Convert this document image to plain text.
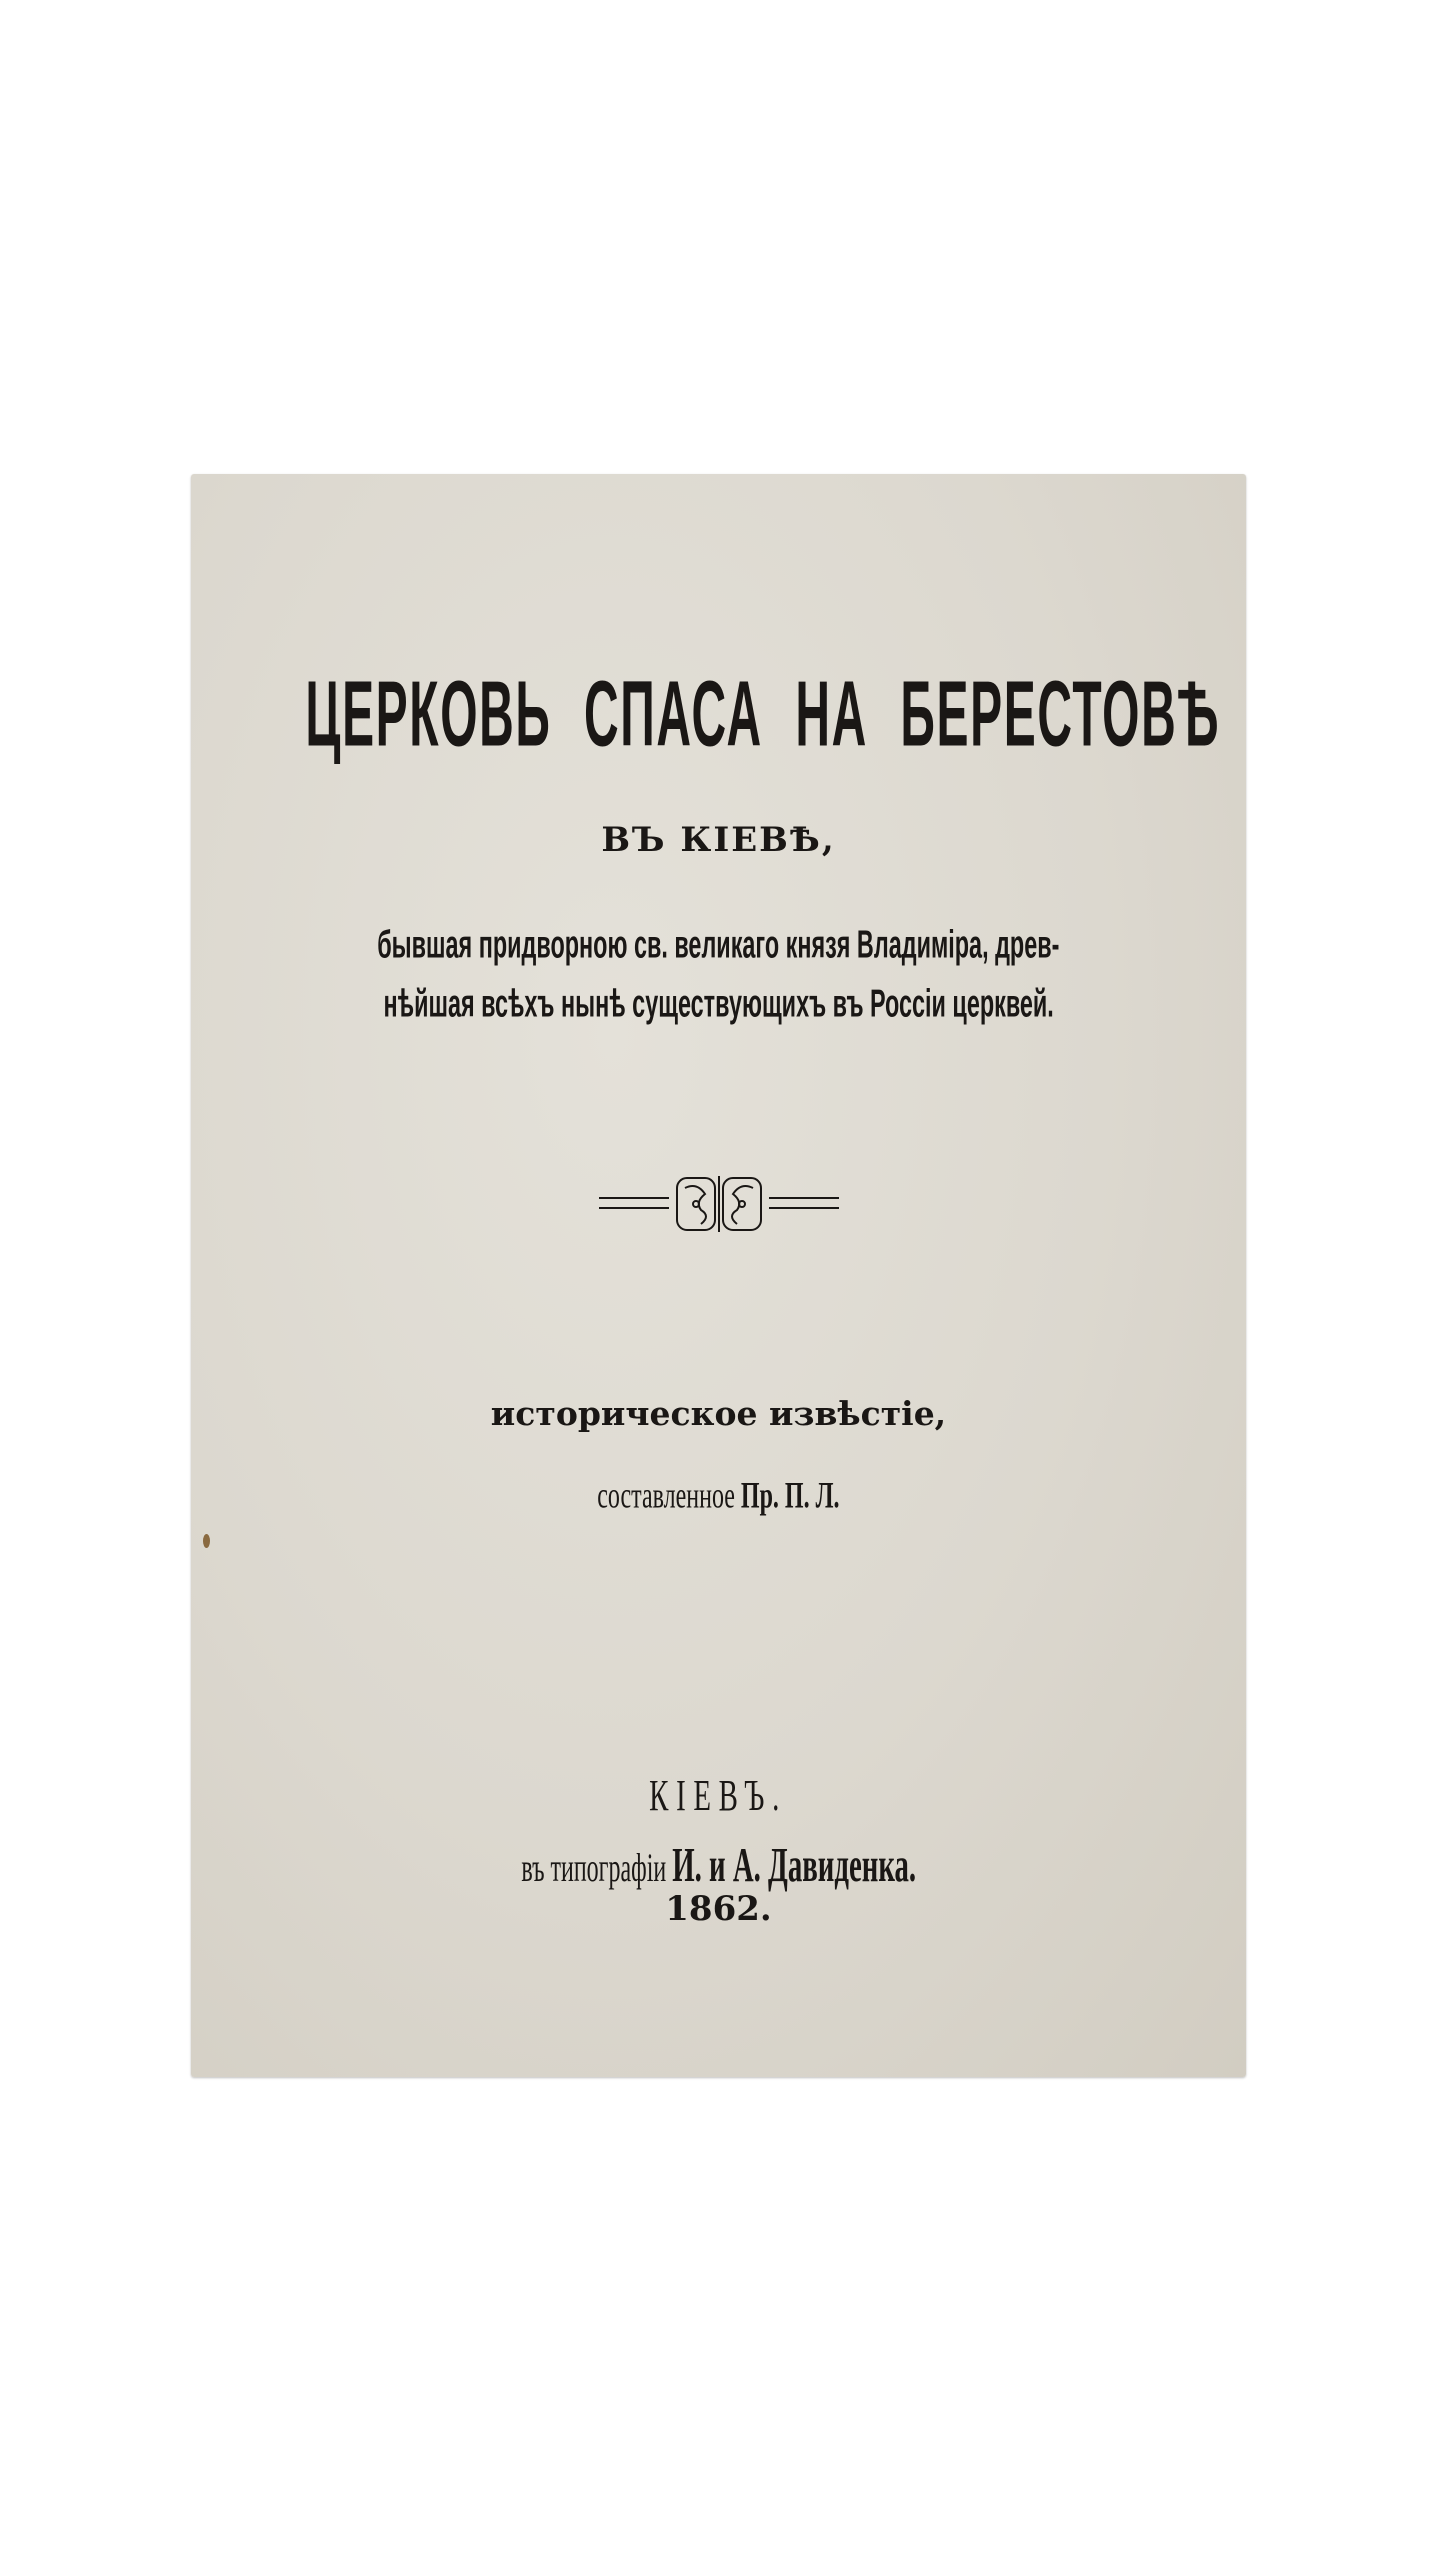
ЦЕРКОВЬ СПАСА НА БЕРЕСТОВѢ
ВЪ КІЕВѢ,
бывшая придворною св. великаго князя Владиміра, древ-
нѣйшая всѣхъ нынѣ существующихъ въ Россіи церквей.
историческое извѣстіе,
составленное Пр. П. Л.
КІЕВЪ.
въ типографіи И. и А. Давиденка.
1862.
